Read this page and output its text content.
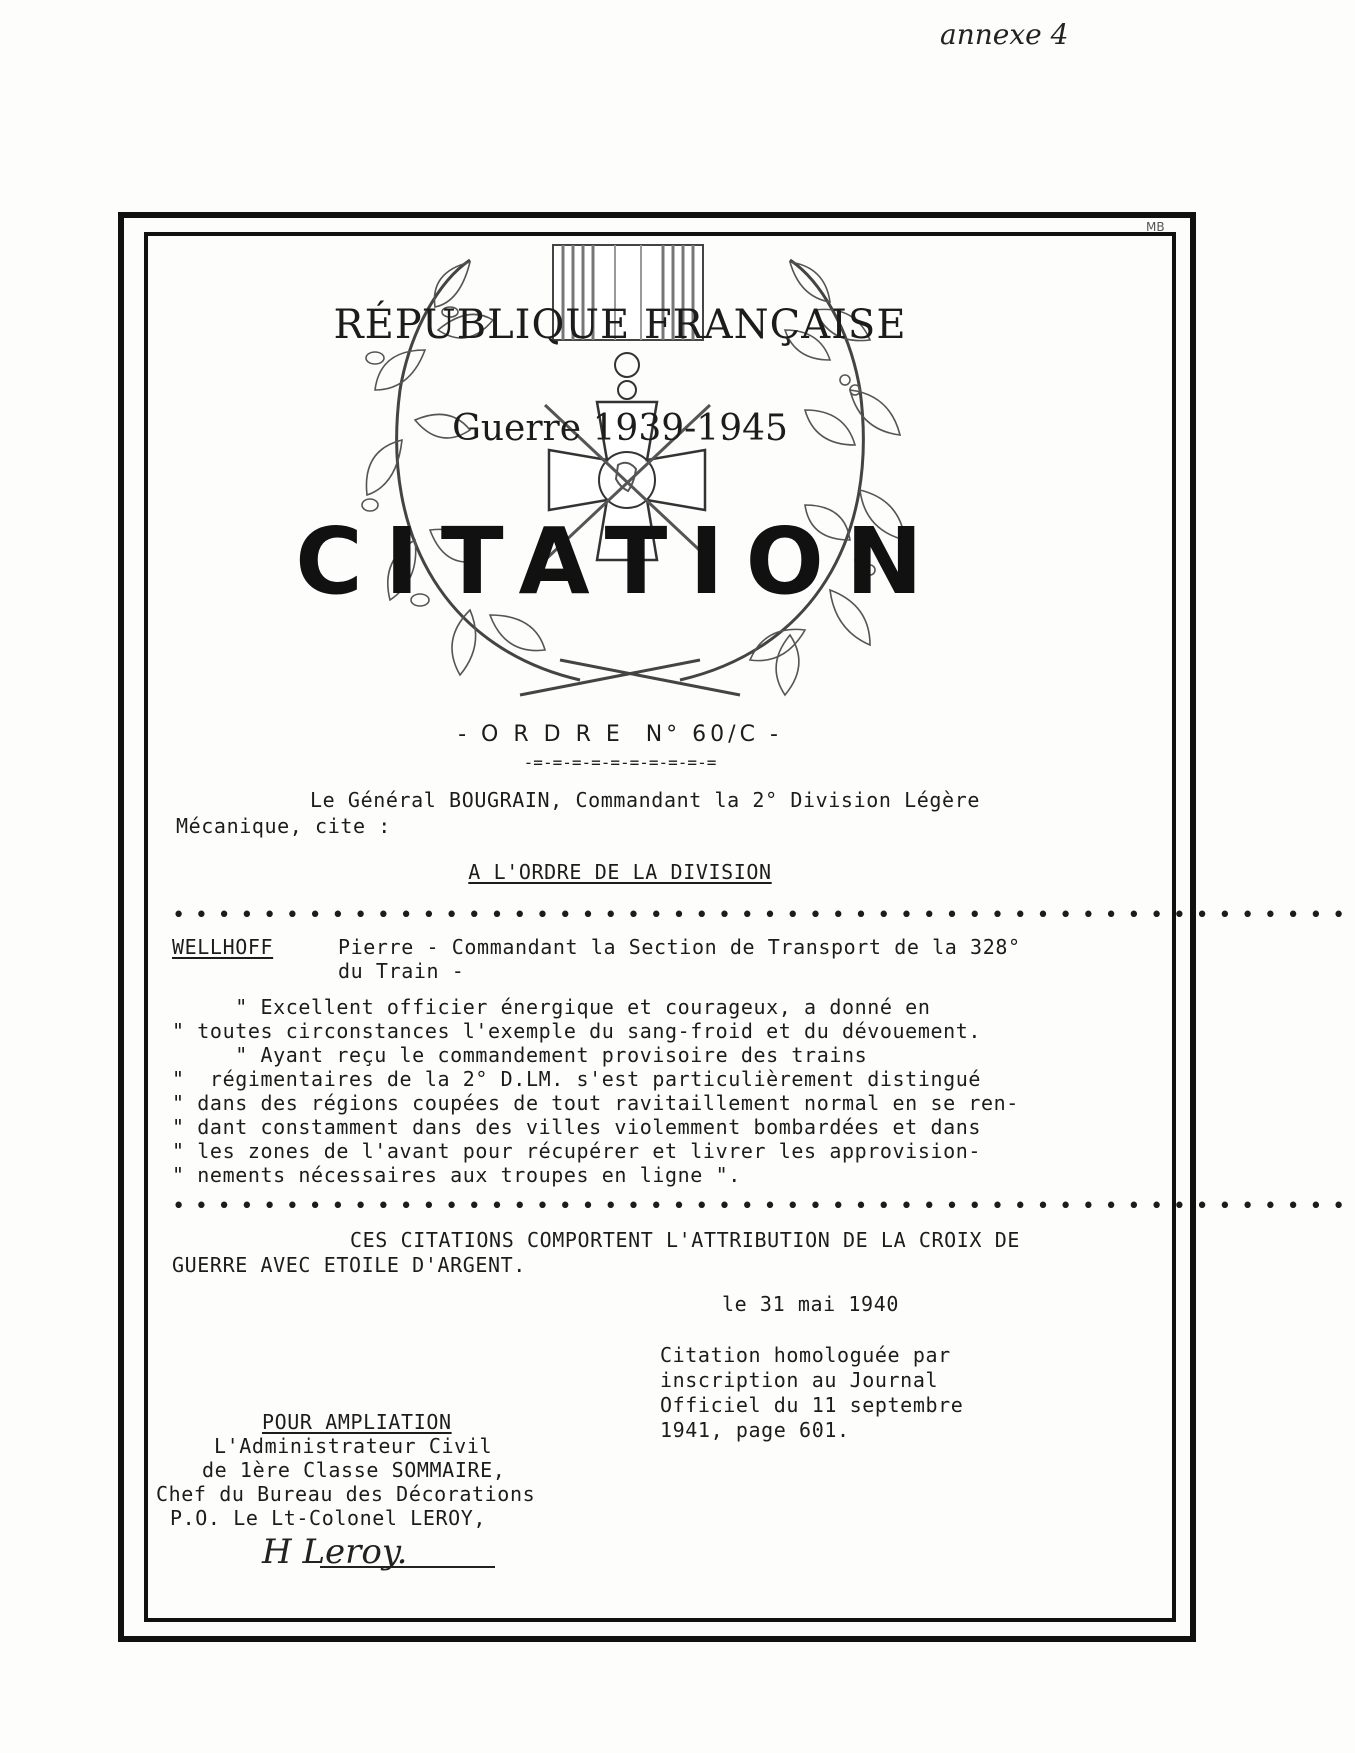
annexe 4
MB
RÉPUBLIQUE FRANÇAISE
Guerre 1939-1945
CITATION
- O R D R E  N° 60/C -
-=-=-=-=-=-=-=-=-=-=
Le Général BOUGRAIN, Commandant la 2° Division Légère
Mécanique, cite :
A L'ORDRE DE LA DIVISION
••••••••••••••••••••••••••••••••••••••••••••••••••••
WELLHOFF	Pierre - Commandant la Section de Transport de la 328°
du Train -
" Excellent officier énergique et courageux, a donné en
" toutes circonstances l'exemple du sang-froid et du dévouement.
" Ayant reçu le commandement provisoire des trains
"  régimentaires de la 2° D.LM. s'est particulièrement distingué
" dans des régions coupées de tout ravitaillement normal en se ren-
" dant constamment dans des villes violemment bombardées et dans
" les zones de l'avant pour récupérer et livrer les approvision-
" nements nécessaires aux troupes en ligne ".
••••••••••••••••••••••••••••••••••••••••••••••••••••
CES CITATIONS COMPORTENT L'ATTRIBUTION DE LA CROIX DE
GUERRE AVEC ETOILE D'ARGENT.
le 31 mai 1940
Citation homologuée par
inscription au Journal
Officiel du 11 septembre
1941, page 601.
POUR AMPLIATION
L'Administrateur Civil
de 1ère Classe SOMMAIRE,
Chef du Bureau des Décorations
P.O. Le Lt-Colonel LEROY,
H Leroy.
